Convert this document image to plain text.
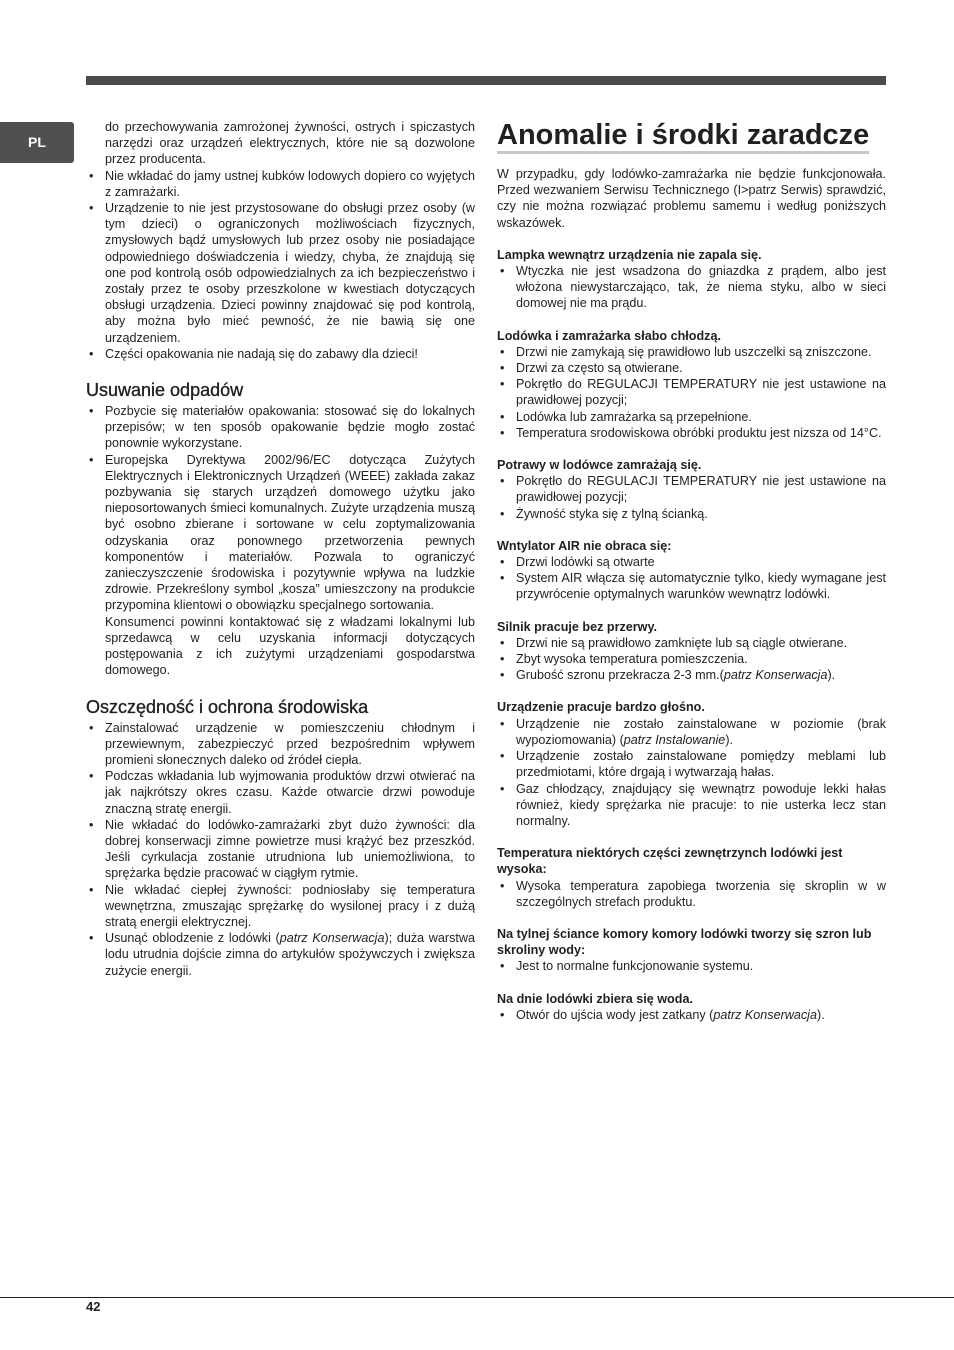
PL
do przechowywania zamrożonej żywności, ostrych i spiczastych narzędzi oraz urządzeń elektrycznych, które nie są dozwolone przez producenta.
• Nie wkładać do jamy ustnej kubków lodowych dopiero co wyjętych z zamrażarki.
• Urządzenie to nie jest przystosowane do obsługi przez osoby (w tym dzieci) o ograniczonych możliwościach fizycznych, zmysłowych bądź umysłowych lub przez osoby nie posiadające odpowiedniego doświadczenia i wiedzy, chyba, że znajdują się one pod kontrolą osób odpowiedzialnych za ich bezpieczeństwo i zostały przez te osoby przeszkolone w kwestiach dotyczących obsługi urządzenia. Dzieci powinny znajdować się pod kontrolą, aby można było mieć pewność, że nie bawią się one urządzeniem.
• Części opakowania nie nadają się do zabawy dla dzieci!
Usuwanie odpadów
• Pozbycie się materiałów opakowania: stosować się do lokalnych przepisów; w ten sposób opakowanie będzie mogło zostać ponownie wykorzystane.
• Europejska Dyrektywa 2002/96/EC dotycząca Zużytych Elektrycznych i Elektronicznych Urządzeń (WEEE) zakłada zakaz pozbywania się starych urządzeń domowego użytku jako nieposortowanych śmieci komunalnych. Zużyte urządzenia muszą być osobno zbierane i sortowane w celu zoptymalizowania odzyskania oraz ponownego przetworzenia pewnych komponentów i materiałów. Pozwala to ograniczyć zanieczyszczenie środowiska i pozytywnie wpływa na ludzkie zdrowie. Przekreślony symbol „kosza” umieszczony na produkcie przypomina klientowi o obowiązku specjalnego sortowania.

Konsumenci powinni kontaktować się z władzami lokalnymi lub sprzedawcą w celu uzyskania informacji dotyczących postępowania z ich zużytymi urządzeniami gospodarstwa domowego.

Oszczędność i ochrona środowiska
• Zainstalować urządzenie w pomieszczeniu chłodnym i przewiewnym, zabezpieczyć przed bezpośrednim wpływem promieni słonecznych daleko od źródeł ciepła.
• Podczas wkładania lub wyjmowania produktów drzwi otwierać na jak najkrótszy okres czasu. Każde otwarcie drzwi powoduje znaczną stratę energii.
• Nie wkładać do lodówko-zamrażarki zbyt dużo żywności: dla dobrej konserwacji zimne powietrze musi krążyć bez przeszkód. Jeśli cyrkulacja zostanie utrudniona lub uniemożliwiona, to sprężarka będzie pracować w ciągłym rytmie.
• Nie wkładać ciepłej żywności: podniosłaby się temperatura wewnętrzna, zmuszając sprężarkę do wysilonej pracy i z dużą stratą energii elektrycznej.
• Usunąć oblodzenie z lodówki (patrz Konserwacja); duża warstwa lodu utrudnia dojście zimna do artykułów spożywczych i zwiększa zużycie energii.
Anomalie i środki zaradcze

W przypadku, gdy lodówko-zamrażarka nie będzie funkcjonowała. Przed wezwaniem Serwisu Technicznego (I>patrz Serwis) sprawdzić, czy nie można rozwiązać problemu samemu i według poniższych wskazówek.

Lampka wewnątrz urządzenia nie zapala się.
• Wtyczka nie jest wsadzona do gniazdka z prądem, albo jest włożona niewystarczająco, tak, że niema styku, albo w sieci domowej nie ma prądu.
Lodówka i zamrażarka słabo chłodzą.
• Drzwi nie zamykają się prawidłowo lub uszczelki są zniszczone.
• Drzwi za często są otwierane.
• Pokrętło do REGULACJI TEMPERATURY nie jest ustawione na prawidłowej pozycji;
• Lodówka lub zamrażarka są przepełnione.
• Temperatura srodowiskowa obróbki produktu jest nizsza od 14°C.
Potrawy w lodówce zamrażają się.
• Pokrętło do REGULACJI TEMPERATURY nie jest ustawione na prawidłowej pozycji;
• Żywność styka się z tylną ścianką.
Wntylator AIR nie obraca się:
• Drzwi lodówki są otwarte
• System AIR włącza się automatycznie tylko, kiedy wymagane jest przywrócenie optymalnych warunków wewnątrz lodówki.
Silnik pracuje bez przerwy.
• Drzwi nie są prawidłowo zamknięte lub są ciągle otwierane.
• Zbyt wysoka temperatura pomieszczenia.
• Grubość szronu przekracza 2-3 mm.(patrz Konserwacja).
Urządzenie pracuje bardzo głośno.
• Urządzenie nie zostało zainstalowane w poziomie (brak wypoziomowania) (patrz Instalowanie).
• Urządzenie zostało zainstalowane pomiędzy meblami lub przedmiotami, które drgają i wytwarzają hałas.
• Gaz chłodzący, znajdujący się wewnątrz powoduje lekki hałas również, kiedy sprężarka nie pracuje: to nie usterka lecz stan normalny.
Temperatura niektórych części zewnętrzynch lodówki jest wysoka:
• Wysoka temperatura zapobiega tworzenia się skroplin w w szczególnych strefach produktu.
Na tylnej ściance komory komory lodówki tworzy się szron lub skroliny wody:
• Jest to normalne funkcjonowanie systemu.
Na dnie lodówki zbiera się woda.
• Otwór do ujścia wody jest zatkany (patrz Konserwacja).
42
